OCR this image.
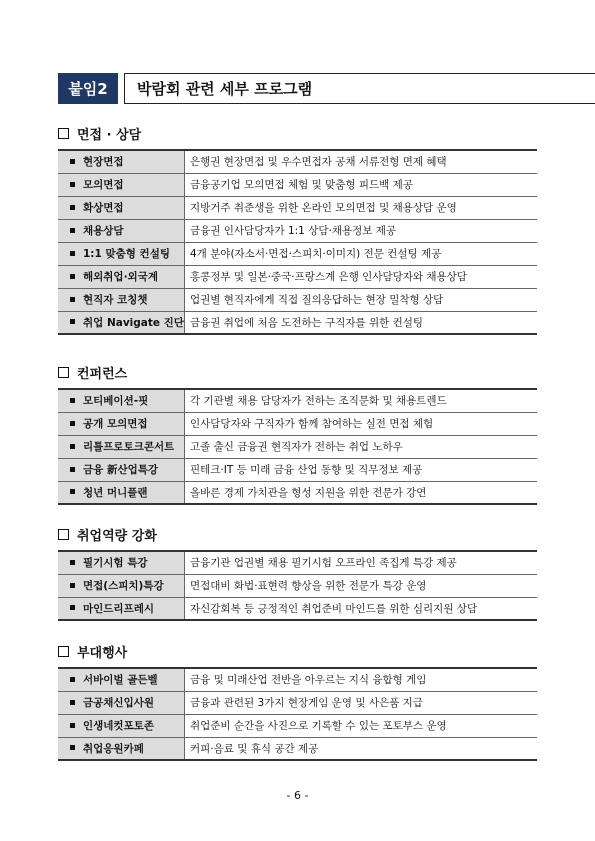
붙임2	박람회 관련 세부 프로그램
면접 · 상담
현장면접	은행권 현장면접 및 우수면접자 공채 서류전형 면제 혜택
모의면접	금융공기업 모의면접 체험 및 맞춤형 피드백 제공
화상면접	지방거주 취준생을 위한 온라인 모의면접 및 채용상담 운영
채용상담	금융권 인사담당자가 1:1 상담·채용정보 제공
1:1 맞춤형 컨설팅	4개 분야(자소서·면접·스피치·이미지) 전문 컨설팅 제공
해외취업·외국계	홍콩정부 및 일본·중국·프랑스계 은행 인사담당자와 채용상담
현직자 코칭챗	업권별 현직자에게 직접 질의응답하는 현장 밀착형 상담
취업 Navigate 진단	금융권 취업에 처음 도전하는 구직자를 위한 컨설팅
컨퍼런스
모티베이션-핏	각 기관별 채용 담당자가 전하는 조직문화 및 채용트렌드
공개 모의면접	인사담당자와 구직자가 함께 참여하는 실전 면접 체험
리틀프로토크콘서트	고졸 출신 금융권 현직자가 전하는 취업 노하우
금융 新산업특강	핀테크·IT 등 미래 금융 산업 동향 및 직무정보 제공
청년 머니플랜	올바른 경제 가치관을 형성 지원을 위한 전문가 강연
취업역량 강화
필기시험 특강	금융기관 업권별 채용 필기시험 오프라인 족집게 특강 제공
면접(스피치)특강	면접대비 화법·표현력 향상을 위한 전문가 특강 운영
마인드리프레시	자신감회복 등 긍정적인 취업준비 마인드를 위한 심리지원 상담
부대행사
서바이벌 골든벨	금융 및 미래산업 전반을 아우르는 지식 융합형 게임
금공채신입사원	금융과 관련된 3가지 현장게임 운영 및 사은품 지급
인생네컷포토존	취업준비 순간을 사진으로 기록할 수 있는 포토부스 운영
취업응원카페	커피·음료 및 휴식 공간 제공
- 6 -
